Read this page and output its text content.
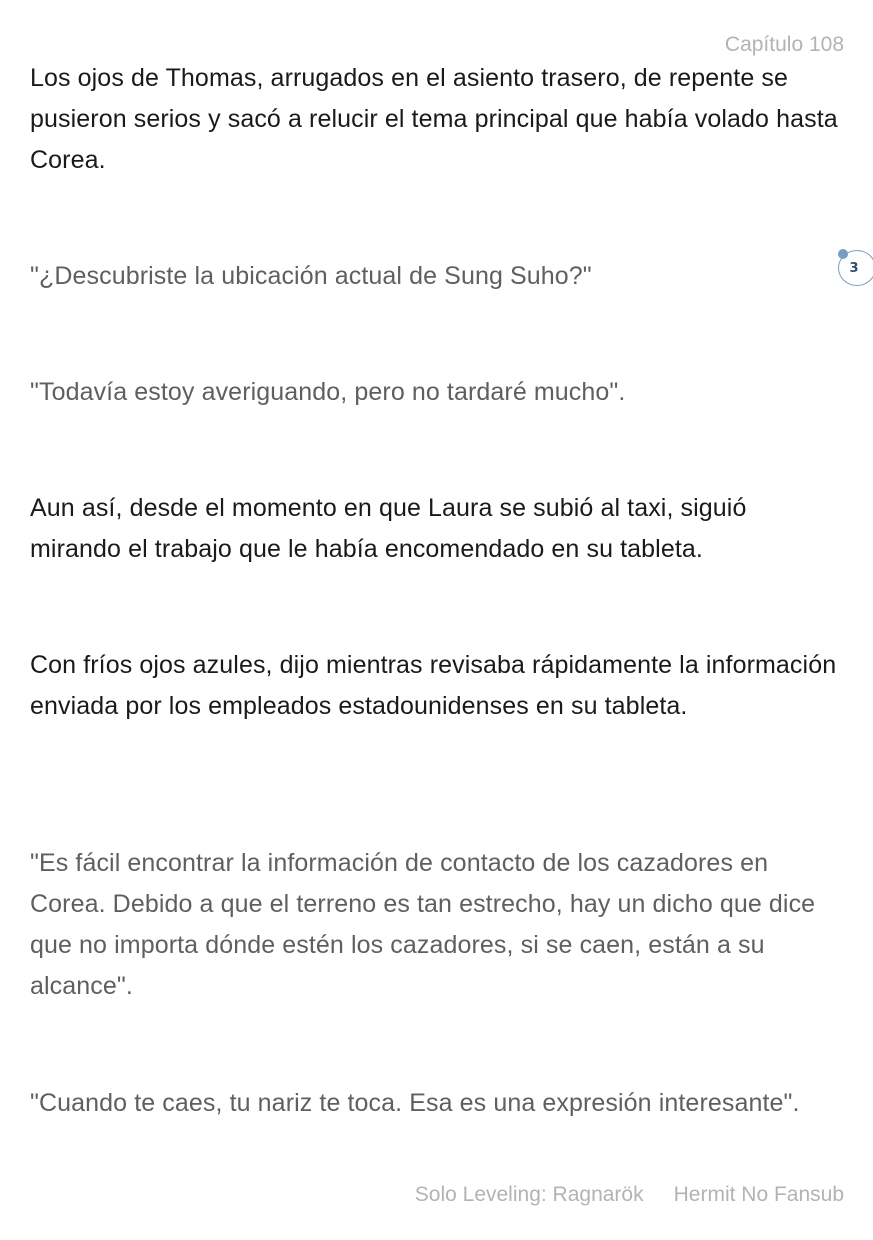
Capítulo 108

Los ojos de Thomas, arrugados en el asiento trasero, de repente se pusieron serios y sacó a relucir el tema principal que había volado hasta Corea.

"¿Descubriste la ubicación actual de Sung Suho?"

"Todavía estoy averiguando, pero no tardaré mucho".

Aun así, desde el momento en que Laura se subió al taxi, siguió mirando el trabajo que le había encomendado en su tableta.

Con fríos ojos azules, dijo mientras revisaba rápidamente la información enviada por los empleados estadounidenses en su tableta.

"Es fácil encontrar la información de contacto de los cazadores en Corea. Debido a que el terreno es tan estrecho, hay un dicho que dice que no importa dónde estén los cazadores, si se caen, están a su alcance".

"Cuando te caes, tu nariz te toca. Esa es una expresión interesante".

3
Solo Leveling: Ragnarök Hermit No Fansub
